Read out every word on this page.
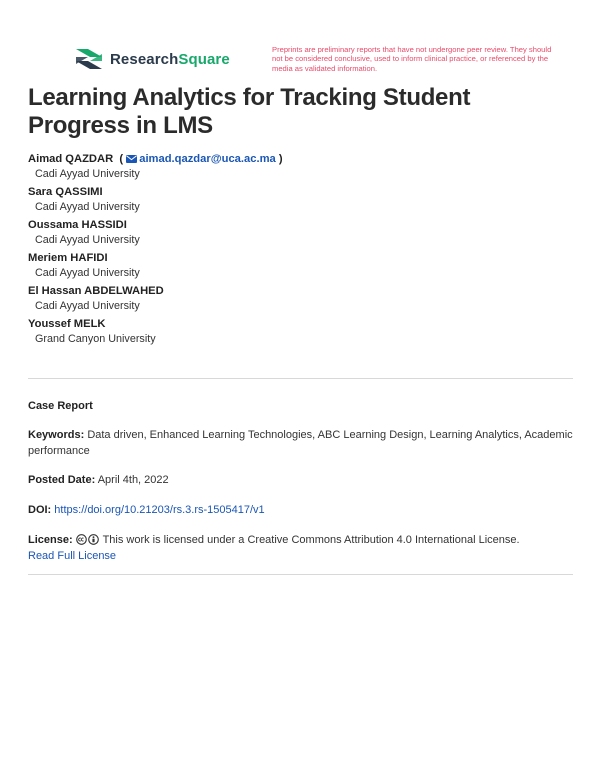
ResearchSquare
Preprints are preliminary reports that have not undergone peer review. They should not be considered conclusive, used to inform clinical practice, or referenced by the media as validated information.
Learning Analytics for Tracking Student Progress in LMS
Aimad QAZDAR  ( aimad.qazdar@uca.ac.ma )
Cadi Ayyad University
Sara QASSIMI
Cadi Ayyad University
Oussama HASSIDI
Cadi Ayyad University
Meriem HAFIDI
Cadi Ayyad University
El Hassan ABDELWAHED
Cadi Ayyad University
Youssef MELK
Grand Canyon University
Case Report
Keywords: Data driven, Enhanced Learning Technologies, ABC Learning Design, Learning Analytics, Academic performance
Posted Date: April 4th, 2022
DOI: https://doi.org/10.21203/rs.3.rs-1505417/v1
License:	This work is licensed under a Creative Commons Attribution 4.0 International License.
Read Full License
